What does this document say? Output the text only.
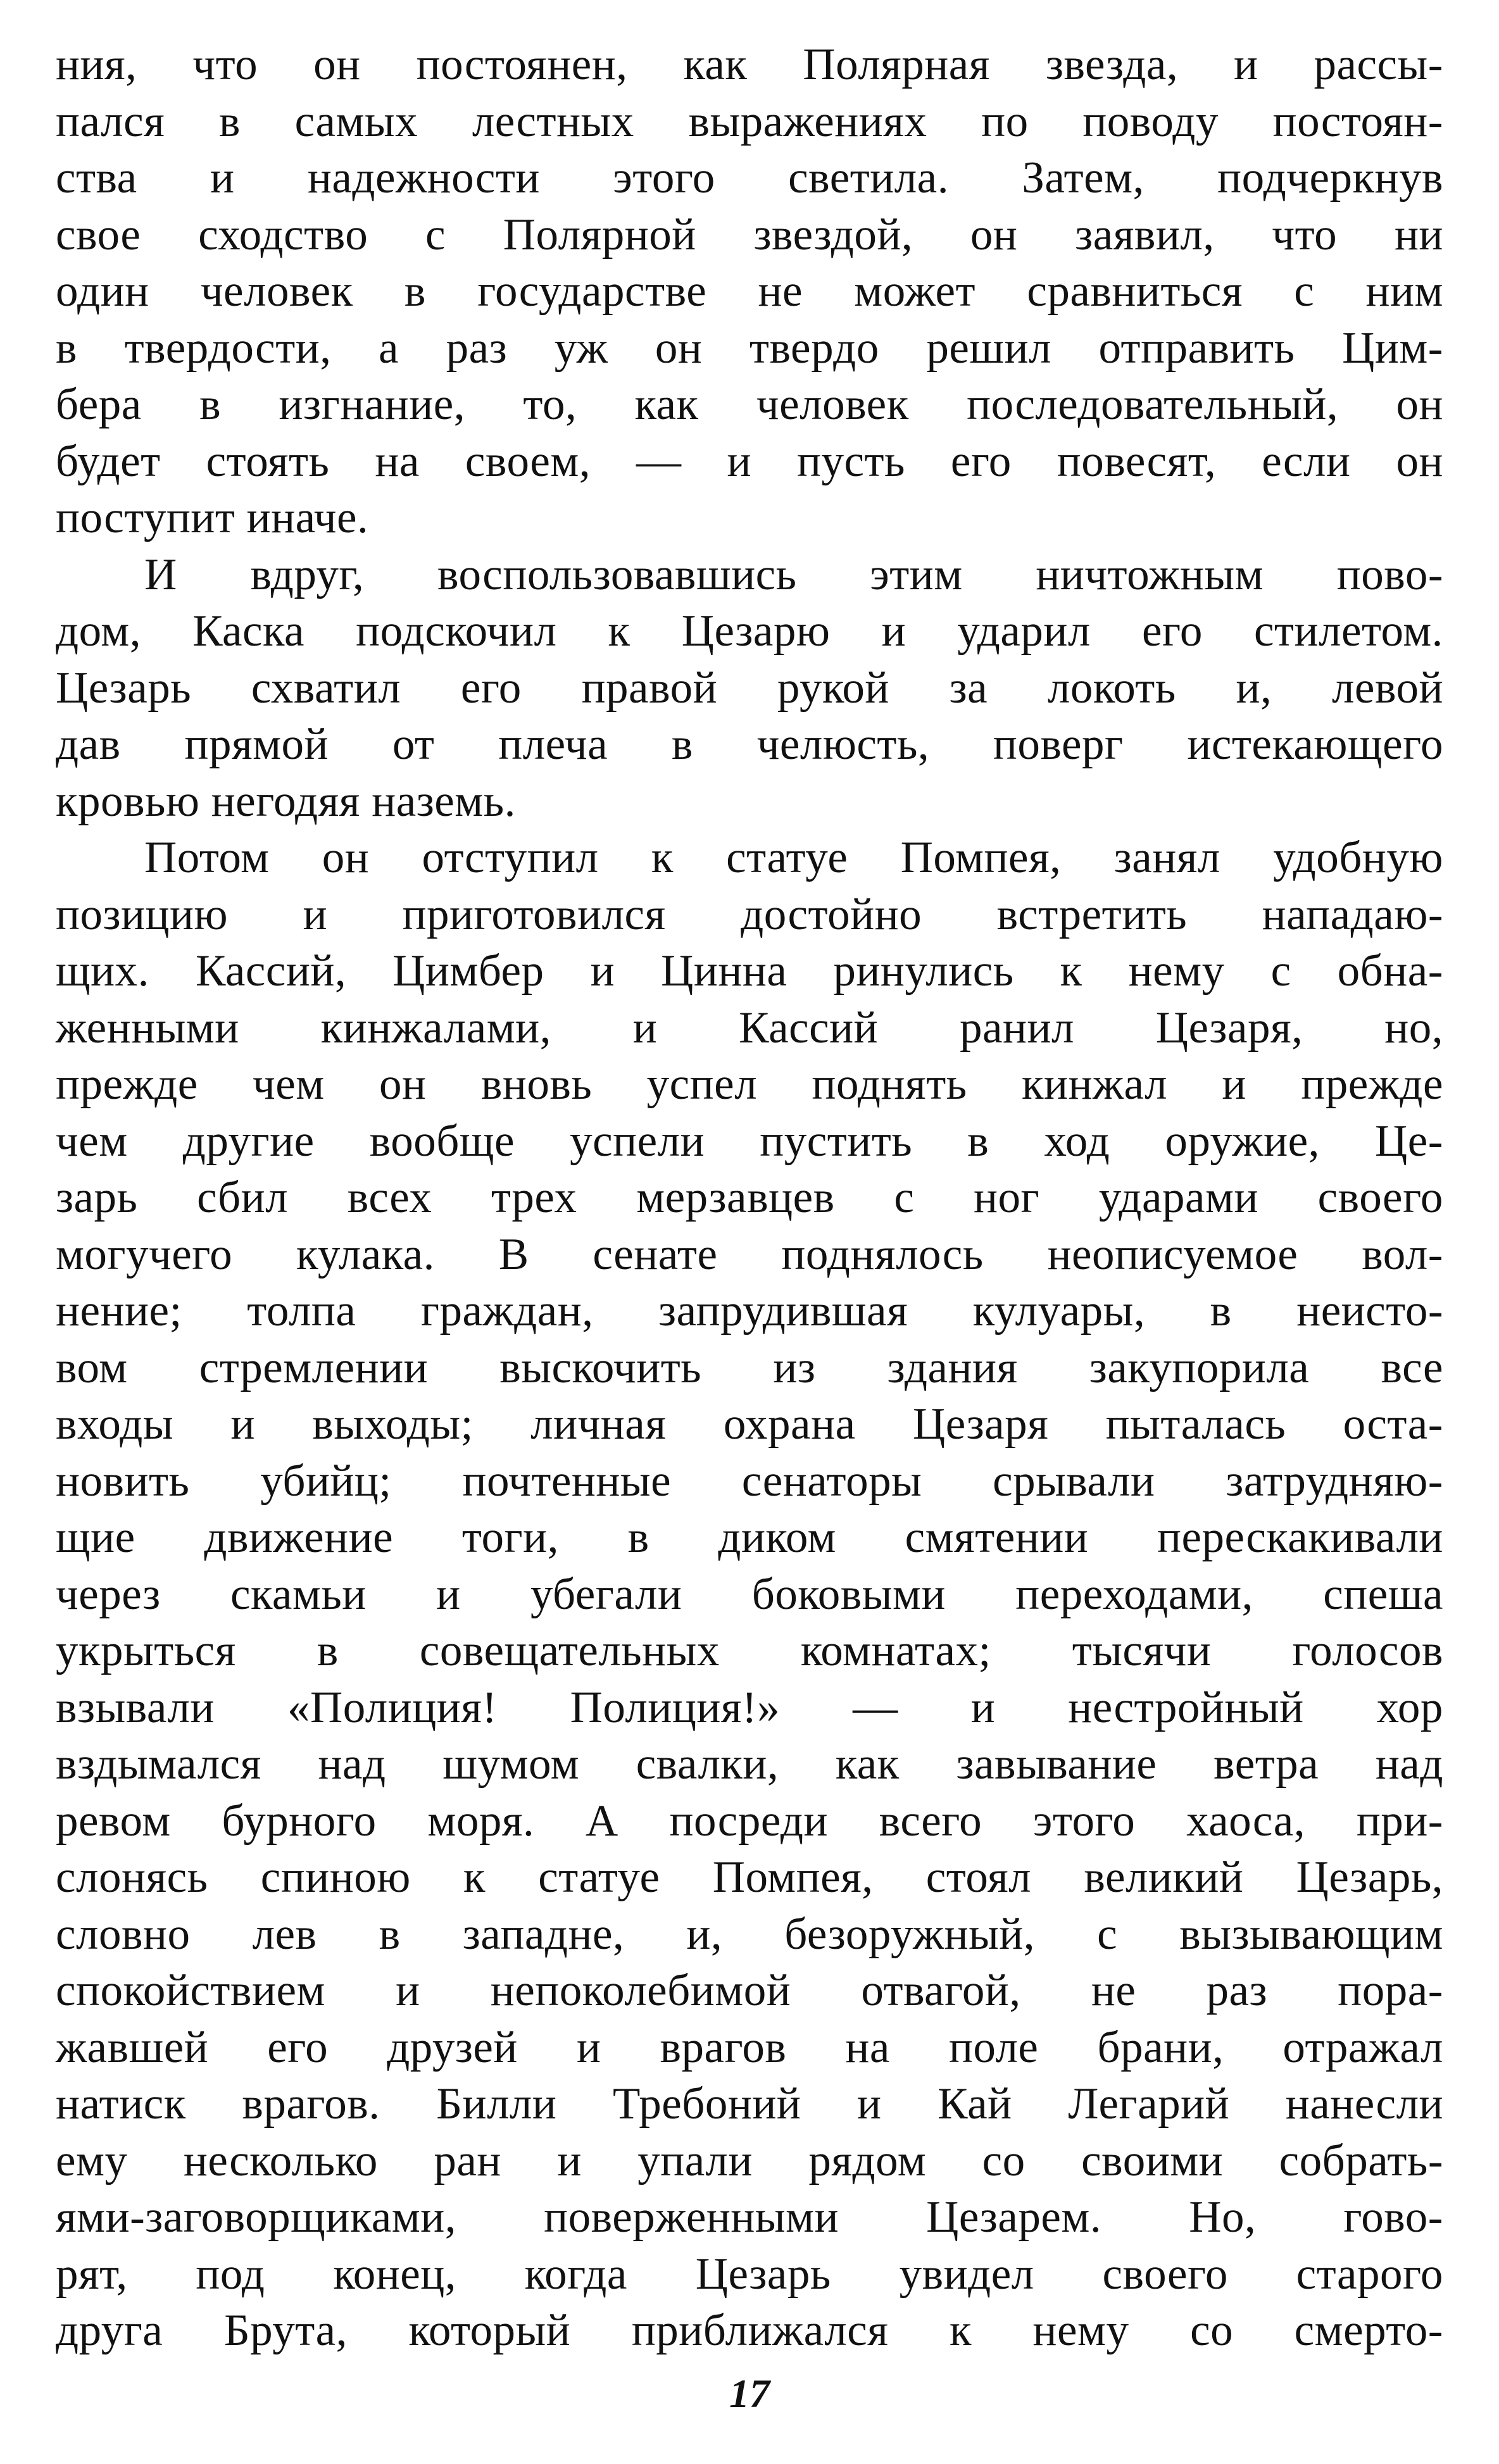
ния, что он постоянен, как Полярная звезда, и рассы-
пался в самых лестных выражениях по поводу постоян-
ства и надежности этого светила. Затем, подчеркнув
свое сходство с Полярной звездой, он заявил, что ни
один человек в государстве не может сравниться с ним
в твердости, а раз уж он твердо решил отправить Цим-
бера в изгнание, то, как человек последовательный, он
будет стоять на своем, — и пусть его повесят, если он
поступит иначе.
И вдруг, воспользовавшись этим ничтожным пово-
дом, Каска подскочил к Цезарю и ударил его стилетом.
Цезарь схватил его правой рукой за локоть и, левой
дав прямой от плеча в челюсть, поверг истекающего
кровью негодяя наземь.
Потом он отступил к статуе Помпея, занял удобную
позицию и приготовился достойно встретить нападаю-
щих. Кассий, Цимбер и Цинна ринулись к нему с обна-
женными кинжалами, и Кассий ранил Цезаря, но,
прежде чем он вновь успел поднять кинжал и прежде
чем другие вообще успели пустить в ход оружие, Це-
зарь сбил всех трех мерзавцев с ног ударами своего
могучего кулака. В сенате поднялось неописуемое вол-
нение; толпа граждан, запрудившая кулуары, в неисто-
вом стремлении выскочить из здания закупорила все
входы и выходы; личная охрана Цезаря пыталась оста-
новить убийц; почтенные сенаторы срывали затрудняю-
щие движение тоги, в диком смятении перескакивали
через скамьи и убегали боковыми переходами, спеша
укрыться в совещательных комнатах; тысячи голосов
взывали «Полиция! Полиция!» — и нестройный хор
вздымался над шумом свалки, как завывание ветра над
ревом бурного моря. А посреди всего этого хаоса, при-
слонясь спиною к статуе Помпея, стоял великий Цезарь,
словно лев в западне, и, безоружный, с вызывающим
спокойствием и непоколебимой отвагой, не раз пора-
жавшей его друзей и врагов на поле брани, отражал
натиск врагов. Билли Требоний и Кай Легарий нанесли
ему несколько ран и упали рядом со своими собрать-
ями-заговорщиками, поверженными Цезарем. Но, гово-
рят, под конец, когда Цезарь увидел своего старого
друга Брута, который приближался к нему со смерто-
17
